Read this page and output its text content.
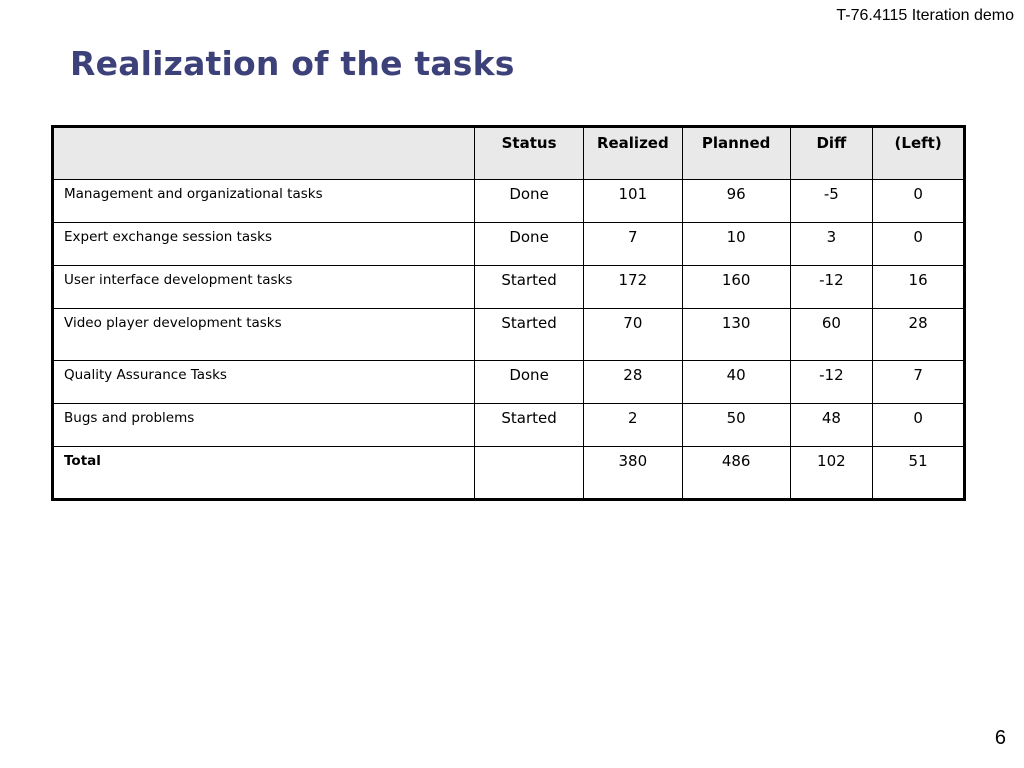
T-76.4115 Iteration demo
Realization of the tasks
	Status	Realized	Planned	Diff	(Left)
Management and organizational tasks	Done	101	96	-5	0
Expert exchange session tasks	Done	7	10	3	0
User interface development tasks	Started	172	160	-12	16
Video player development tasks	Started	70	130	60	28
Quality Assurance Tasks	Done	28	40	-12	7
Bugs and problems	Started	2	50	48	0
Total		380	486	102	51
6
